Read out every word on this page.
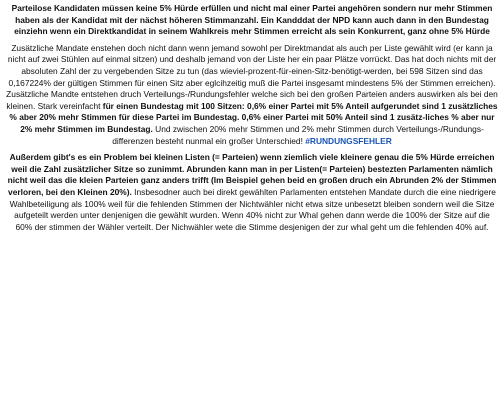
Parteilose Kandidaten müssen keine 5% Hürde erfüllen und nicht mal einer Partei angehören sondern nur mehr Stimmen haben als der Kandidat mit der nächst höheren Stimmanzahl. Ein Kandddat der NPD kann auch dann in den Bundestag einziehn wenn ein Direktkandidat in seinem Wahlkreis mehr Stimmen erreicht als sein Konkurrent, ganz ohne 5% Hürde

Zusätzliche Mandate enstehen doch nicht dann wenn jemand sowohl per Direktmandat als auch per Liste gewählt wird (er kann ja nicht auf zwei Stühlen auf einmal sitzen) und deshalb jemand von der Liste her ein paar Plätze vorrückt. Das hat doch nichts mit der absoluten Zahl der zu vergebenden Sitze zu tun (das wieviel-prozent-für-einen-Sitz-benötigt-werden, bei 598 Sitzen sind das 0,167224% der gültigen Stimmen für einen Sitz aber eglcihzeitig muß die Partei insgesamt mindestens 5% der Stimmen erreichen). Zusätzliche Mandte entstehen druch Verteilungs-/Rundungsfehler welche sich bei den großen Parteien anders auswirken als bei den kleinen. Stark vereinfacht für einen Bundestag mit 100 Sitzen: 0,6% einer Partei mit 5% Anteil aufgerundet sind 1 zusätzliches % aber 20% mehr Stimmen für diese Partei im Bundestag. 0,6% einer Partei mit 50% Anteil sind 1 zusätz-liches % aber nur 2% mehr Stimmen im Bundestag. Und zwischen 20% mehr Stimmen und 2% mehr Stimmen durch Verteilungs-/Rundungs-differenzen besteht nunmal ein großer Unterschied! #RUNDUNGSFEHLER

Außerdem gibt's es ein Problem bei kleinen Listen (= Parteien) wenn ziemlich viele kleinere genau die 5% Hürde erreichen weil die Zahl zusätzlicher Sitze so zunimmt. Abrunden kann man in per Listen(= Parteien) bestezten Parlamenten nämlich nicht weil das die kleien Parteien ganz anders trifft (Im Beispiel gehen beid en großen druch ein Abrunden 2% der Stimmen verloren, bei den Kleinen 20%). Insbesodner auch bei direkt gewählten Parlamenten entstehen Mandate durch die eine niedrigere Wahlbeteiligung als 100% weil für die fehlenden Stimmen der Nichtwähler nicht etwa sitze unbesetzt bleiben sondern weil die Sitze aufgeteilt werden unter denjenigen die gewählt wurden. Wenn 40% nicht zur Whal gehen dann werde die 100% der Sitze auf die 60% der stimmen der Wähler verteilt. Der Nichwähler wete die Stimme desjenigen der zur whal geht um die fehlenden 40% auf.
